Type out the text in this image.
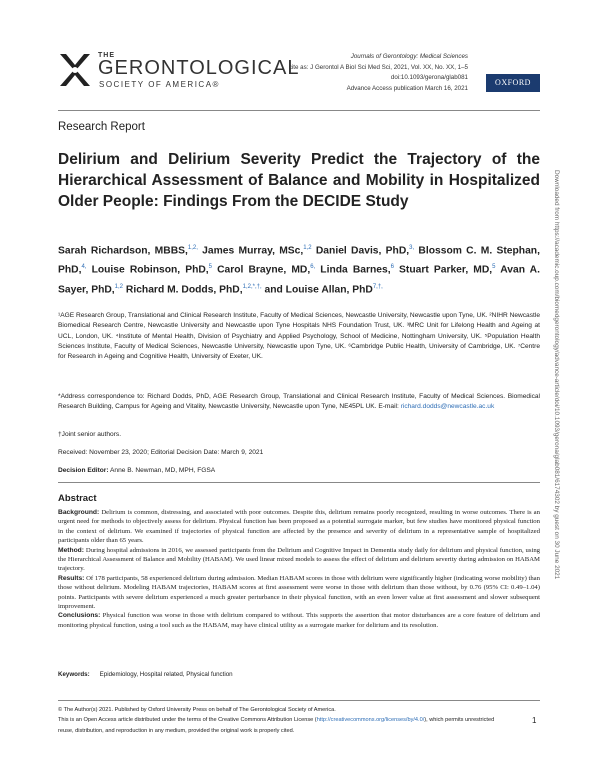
THE
GERONTOLOGICAL
SOCIETY OF AMERICA®
Journals of Gerontology: Medical Sciences
cite as: J Gerontol A Biol Sci Med Sci, 2021, Vol. XX, No. XX, 1–5
doi:10.1093/gerona/glab081
Advance Access publication March 16, 2021
OXFORD
Research Report
Delirium and Delirium Severity Predict the Trajectory of the Hierarchical Assessment of Balance and Mobility in Hospitalized Older People: Findings From the DECIDE Study
Sarah Richardson, MBBS,$^{1,2,}$ James Murray, MSc,$^{1,2}$ Daniel Davis, PhD,$^{3,}$ Blossom C. M. Stephan, PhD,$^{4,}$ Louise Robinson, PhD,$^5$ Carol Brayne, MD,$^{6,}$ Linda Barnes,$^6$ Stuart Parker, MD,$^5$ Avan A. Sayer, PhD,$^{1,2}$ Richard M. Dodds, PhD,$^{1,2,*,\dagger,}$ and Louise Allan, PhD$^{7,\dagger,}$
¹AGE Research Group, Translational and Clinical Research Institute, Faculty of Medical Sciences, Newcastle University, Newcastle upon Tyne, UK. ²NIHR Newcastle Biomedical Research Centre, Newcastle University and Newcastle upon Tyne Hospitals NHS Foundation Trust, UK. ³MRC Unit for Lifelong Health and Ageing at UCL, London, UK. ⁴Institute of Mental Health, Division of Psychiatry and Applied Psychology, School of Medicine, Nottingham University, UK. ⁵Population Health Sciences Institute, Faculty of Medical Sciences, Newcastle University, Newcastle upon Tyne, UK. ⁶Cambridge Public Health, University of Cambridge, UK. ⁷Centre for Research in Ageing and Cognitive Health, University of Exeter, UK.
*Address correspondence to: Richard Dodds, PhD, AGE Research Group, Translational and Clinical Research Institute, Faculty of Medical Sciences. Biomedical Research Building, Campus for Ageing and Vitality, Newcastle University, Newcastle upon Tyne, NE45PL UK. E-mail: richard.dodds@newcastle.ac.uk
†Joint senior authors.
Received: November 23, 2020; Editorial Decision Date: March 9, 2021
Decision Editor: Anne B. Newman, MD, MPH, FGSA
Abstract
Background: Delirium is common, distressing, and associated with poor outcomes. Despite this, delirium remains poorly recognized, resulting in worse outcomes. There is an urgent need for methods to objectively assess for delirium. Physical function has been proposed as a potential surrogate marker, but few studies have monitored physical function in the context of delirium. We examined if trajectories of physical function are affected by the presence and severity of delirium in a representative sample of hospitalized participants older than 65 years.
Method: During hospital admissions in 2016, we assessed participants from the Delirium and Cognitive Impact in Dementia study daily for delirium and physical function, using the Hierarchical Assessment of Balance and Mobility (HABAM). We used linear mixed models to assess the effect of delirium and delirium severity during admission on HABAM trajectory.
Results: Of 178 participants, 58 experienced delirium during admission. Median HABAM scores in those with delirium were significantly higher (indicating worse mobility) than those without delirium. Modeling HABAM trajectories, HABAM scores at first assessment were worse in those with delirium than those without, by 0.76 (95% CI: 0.49–1.04) points. Participants with severe delirium experienced a much greater perturbance in their physical function, with an even lower value at first assessment and slower subsequent improvement.
Conclusions: Physical function was worse in those with delirium compared to without. This supports the assertion that motor disturbances are a core feature of delirium and monitoring physical function, using a tool such as the HABAM, may have clinical utility as a surrogate marker for delirium and its resolution.
Keywords: Epidemiology, Hospital related, Physical function
© The Author(s) 2021. Published by Oxford University Press on behalf of The Gerontological Society of America.
This is an Open Access article distributed under the terms of the Creative Commons Attribution License (http://creativecommons.org/licenses/by/4.0/), which permits unrestricted reuse, distribution, and reproduction in any medium, provided the original work is properly cited.
1
Downloaded from https://academic.oup.com/biomedgerontology/advance-article/doi/10.1093/gerona/glab081/6174302 by guest on 30 June 2021
